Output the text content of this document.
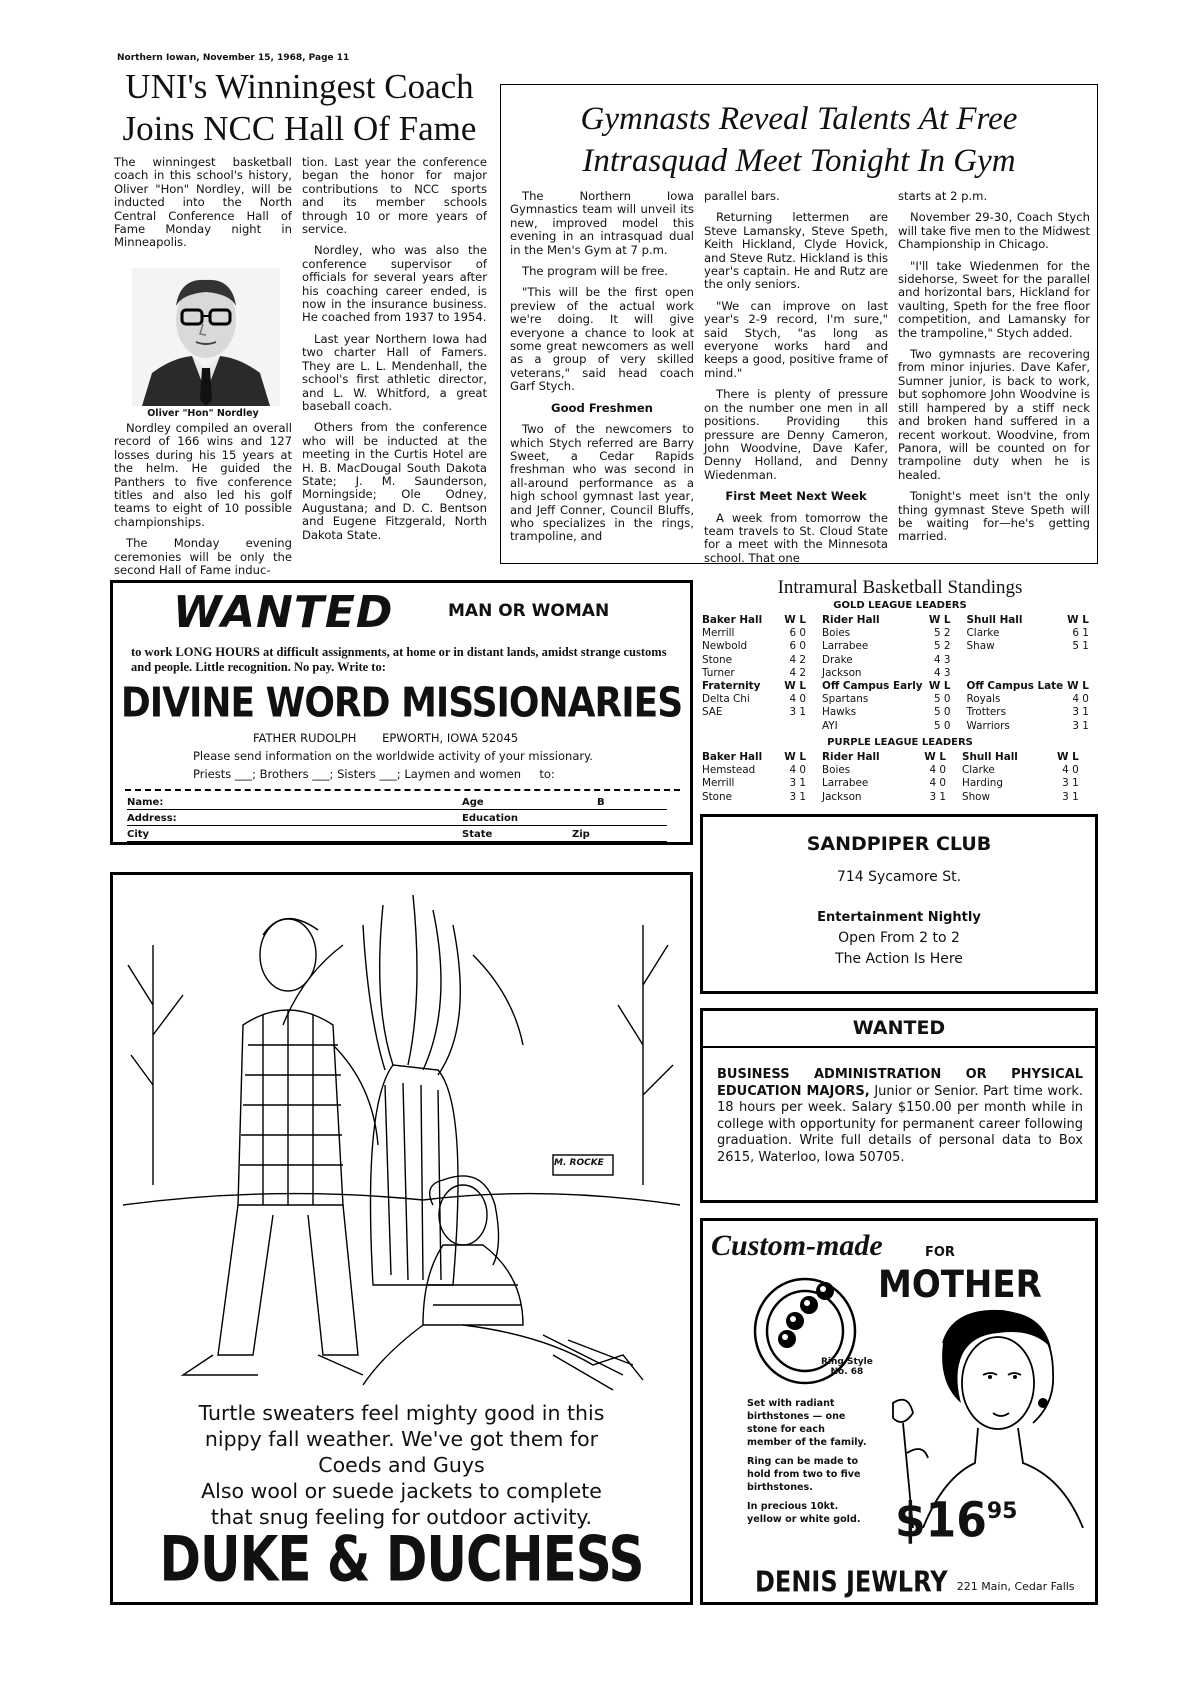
Northern Iowan, November 15, 1968, Page 11
UNI's Winningest Coach
Joins NCC Hall Of Fame

The winningest basketball coach in this school's history, Oliver "Hon" Nordley, will be inducted into the North Central Conference Hall of Fame Monday night in Minneapolis.

Oliver "Hon" Nordley

Nordley compiled an overall record of 166 wins and 127 losses during his 15 years at the helm. He guided the Panthers to five conference titles and also led his golf teams to eight of 10 possible championships.

The Monday evening ceremonies will be only the second Hall of Fame induc-

tion. Last year the conference began the honor for major contributions to NCC sports and its member schools through 10 or more years of service.

Nordley, who was also the conference supervisor of officials for several years after his coaching career ended, is now in the insurance business. He coached from 1937 to 1954.

Last year Northern Iowa had two charter Hall of Famers. They are L. L. Mendenhall, the school's first athletic director, and L. W. Whitford, a great baseball coach.

Others from the conference who will be inducted at the meeting in the Curtis Hotel are H. B. MacDougal South Dakota State; J. M. Saunderson, Morningside; Ole Odney, Augustana; and D. C. Bentson and Eugene Fitzgerald, North Dakota State.

Gymnasts Reveal Talents At Free
Intrasquad Meet Tonight In Gym

The Northern Iowa Gymnastics team will unveil its new, improved model this evening in an intrasquad dual in the Men's Gym at 7 p.m.

The program will be free.

"This will be the first open preview of the actual work we're doing. It will give everyone a chance to look at some great newcomers as well as a group of very skilled veterans," said head coach Garf Stych.

Good Freshmen

Two of the newcomers to which Stych referred are Barry Sweet, a Cedar Rapids freshman who was second in all-around performance as a high school gymnast last year, and Jeff Conner, Council Bluffs, who specializes in the rings, trampoline, and

parallel bars.

Returning lettermen are Steve Lamansky, Steve Speth, Keith Hickland, Clyde Hovick, and Steve Rutz. Hickland is this year's captain. He and Rutz are the only seniors.

"We can improve on last year's 2-9 record, I'm sure," said Stych, "as long as everyone works hard and keeps a good, positive frame of mind."

There is plenty of pressure on the number one men in all positions. Providing this pressure are Denny Cameron, John Woodvine, Dave Kafer, Denny Holland, and Denny Wiedenman.

First Meet Next Week

A week from tomorrow the team travels to St. Cloud State for a meet with the Minnesota school. That one

starts at 2 p.m.

November 29-30, Coach Stych will take five men to the Midwest Championship in Chicago.

"I'll take Wiedenmen for the sidehorse, Sweet for the parallel and horizontal bars, Hickland for vaulting, Speth for the free floor competition, and Lamansky for the trampoline," Stych added.

Two gymnasts are recovering from minor injuries. Dave Kafer, Sumner junior, is back to work, but sophomore John Woodvine is still hampered by a stiff neck and broken hand suffered in a recent workout. Woodvine, from Panora, will be counted on for trampoline duty when he is healed.

Tonight's meet isn't the only thing gymnast Steve Speth will be waiting for—he's getting married.

WANTED	MAN OR WOMAN
to work LONG HOURS at difficult assignments, at home or in distant lands, amidst strange customs and people. Little recognition. No pay. Write to:
DIVINE WORD MISSIONARIES
FATHER RUDOLPH EPWORTH, IOWA 52045
Please send information on the worldwide activity of your missionary.
Priests ___; Brothers ___; Sisters ___; Laymen and women     to:
Name:	Age	B
Address:	Education
City	State	Zip
Intramural Basketball Standings
GOLD LEAGUE LEADERS
Baker Hall	W L	Rider Hall	W L	Shull Hall	W L
Merrill	6 0	Boies	5 2	Clarke	6 1
Newbold	6 0	Larrabee	5 2	Shaw	5 1
Stone	4 2	Drake	4 3		
Turner	4 2	Jackson	4 3		
Fraternity	W L	Off Campus Early	W L	Off Campus Late	W L
Delta Chi	4 0	Spartans	5 0	Royals	4 0
SAE	3 1	Hawks	5 0	Trotters	3 1
		AYI	5 0	Warriors	3 1
PURPLE LEAGUE LEADERS
Baker Hall	W L	Rider Hall	W L	Shull Hall	W L
Hemstead	4 0	Boies	4 0	Clarke	4 0
Merrill	3 1	Larrabee	4 0	Harding	3 1
Stone	3 1	Jackson	3 1	Show	3 1
SANDPIPER CLUB
714 Sycamore St.
Entertainment Nightly
Open From 2 to 2
The Action Is Here
WANTED
BUSINESS ADMINISTRATION OR PHYSICAL EDUCATION MAJORS, Junior or Senior. Part time work. 18 hours per week. Salary $150.00 per month while in college with opportunity for permanent career following graduation. Write full details of personal data to Box 2615, Waterloo, Iowa 50705.
M. ROCKE
Turtle sweaters feel mighty good in this
nippy fall weather. We've got them for
Coeds and Guys
Also wool or suede jackets to complete
that snug feeling for outdoor activity.
DUKE & DUCHESS
Custom-made	FOR
MOTHER
Ring Style
No. 68

Set with radiant birthstones — one stone for each member of the family.

Ring can be made to hold from two to five birthstones.

In precious 10kt. yellow or white gold. $1695
DENIS JEWLRY 221 Main, Cedar Falls
